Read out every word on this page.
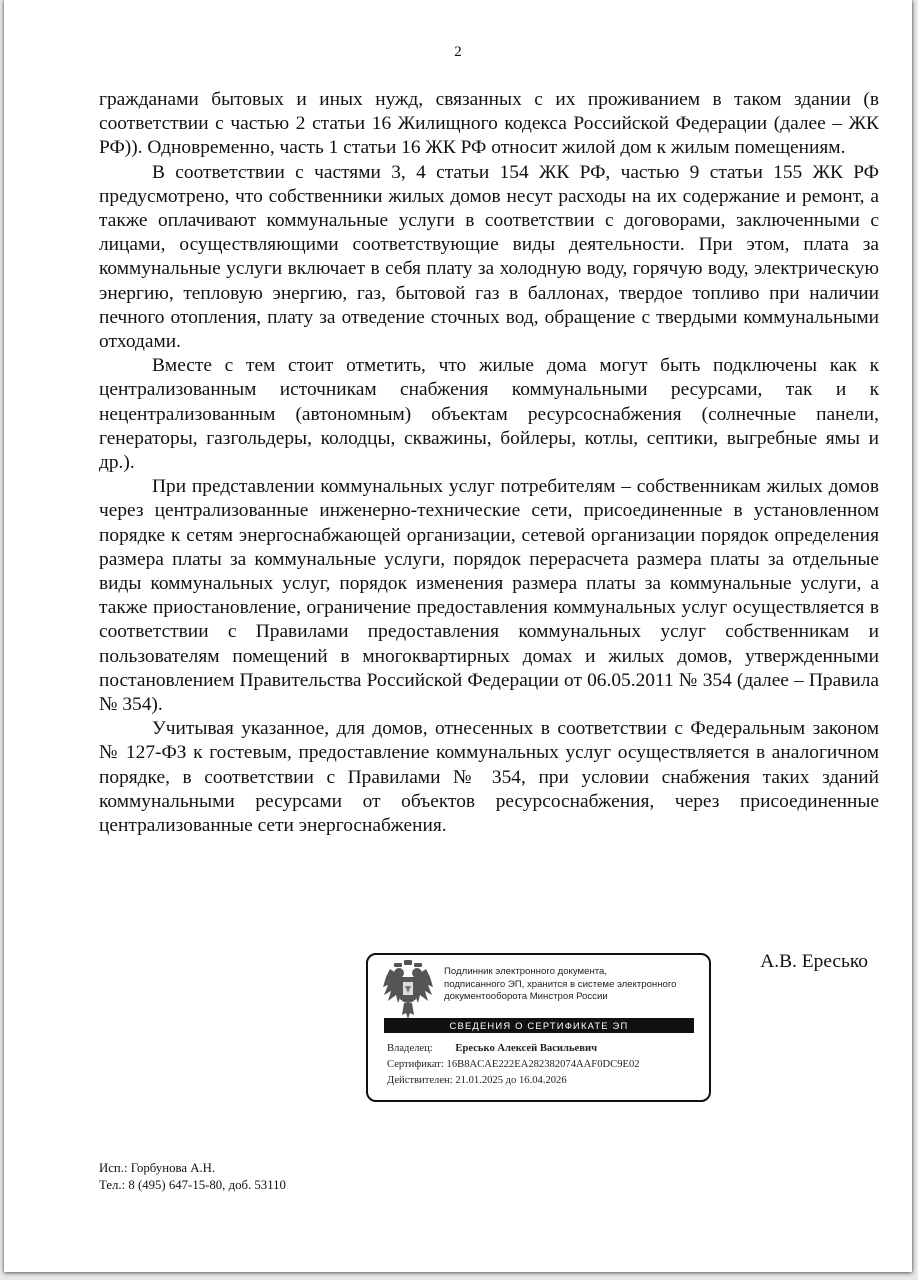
2

гражданами бытовых и иных нужд, связанных с их проживанием в таком здании (в соответствии с частью 2 статьи 16 Жилищного кодекса Российской Федерации (далее – ЖК РФ)). Одновременно, часть 1 статьи 16 ЖК РФ относит жилой дом к жилым помещениям.

В соответствии с частями 3, 4 статьи 154 ЖК РФ, частью 9 статьи 155 ЖК РФ предусмотрено, что собственники жилых домов несут расходы на их содержание и ремонт, а также оплачивают коммунальные услуги в соответствии с договорами, заключенными с лицами, осуществляющими соответствующие виды деятельности. При этом, плата за коммунальные услуги включает в себя плату за холодную воду, горячую воду, электрическую энергию, тепловую энергию, газ, бытовой газ в баллонах, твердое топливо при наличии печного отопления, плату за отведение сточных вод, обращение с твердыми коммунальными отходами.

Вместе с тем стоит отметить, что жилые дома могут быть подключены как к централизованным источникам снабжения коммунальными ресурсами, так и к нецентрализованным (автономным) объектам ресурсоснабжения (солнечные панели, генераторы, газгольдеры, колодцы, скважины, бойлеры, котлы, септики, выгребные ямы и др.).

При представлении коммунальных услуг потребителям – собственникам жилых домов через централизованные инженерно-технические сети, присоединенные в установленном порядке к сетям энергоснабжающей организации, сетевой организации порядок определения размера платы за коммунальные услуги, порядок перерасчета размера платы за отдельные виды коммунальных услуг, порядок изменения размера платы за коммунальные услуги, а также приостановление, ограничение предоставления коммунальных услуг осуществляется в соответствии с Правилами предоставления коммунальных услуг собственникам и пользователям помещений в многоквартирных домах и жилых домов, утвержденными постановлением Правительства Российской Федерации от 06.05.2011 № 354 (далее – Правила № 354).

Учитывая указанное, для домов, отнесенных в соответствии с Федеральным законом № 127-ФЗ к гостевым, предоставление коммунальных услуг осуществляется в аналогичном порядке, в соответствии с Правилами № 354, при условии снабжения таких зданий коммунальными ресурсами от объектов ресурсоснабжения, через присоединенные централизованные сети энергоснабжения.

А.В. Ересько
Подлинник электронного документа,
подписанного ЭП, хранится в системе электронного
документооборота Минстроя России
СВЕДЕНИЯ О СЕРТИФИКАТЕ ЭП
Владелец: Ересько Алексей Васильевич
Сертификат: 16B8ACAE222EA282382074AAF0DC9E02
Действителен: 21.01.2025 до 16.04.2026
Исп.: Горбунова А.Н.
Тел.: 8 (495) 647-15-80, доб. 53110
